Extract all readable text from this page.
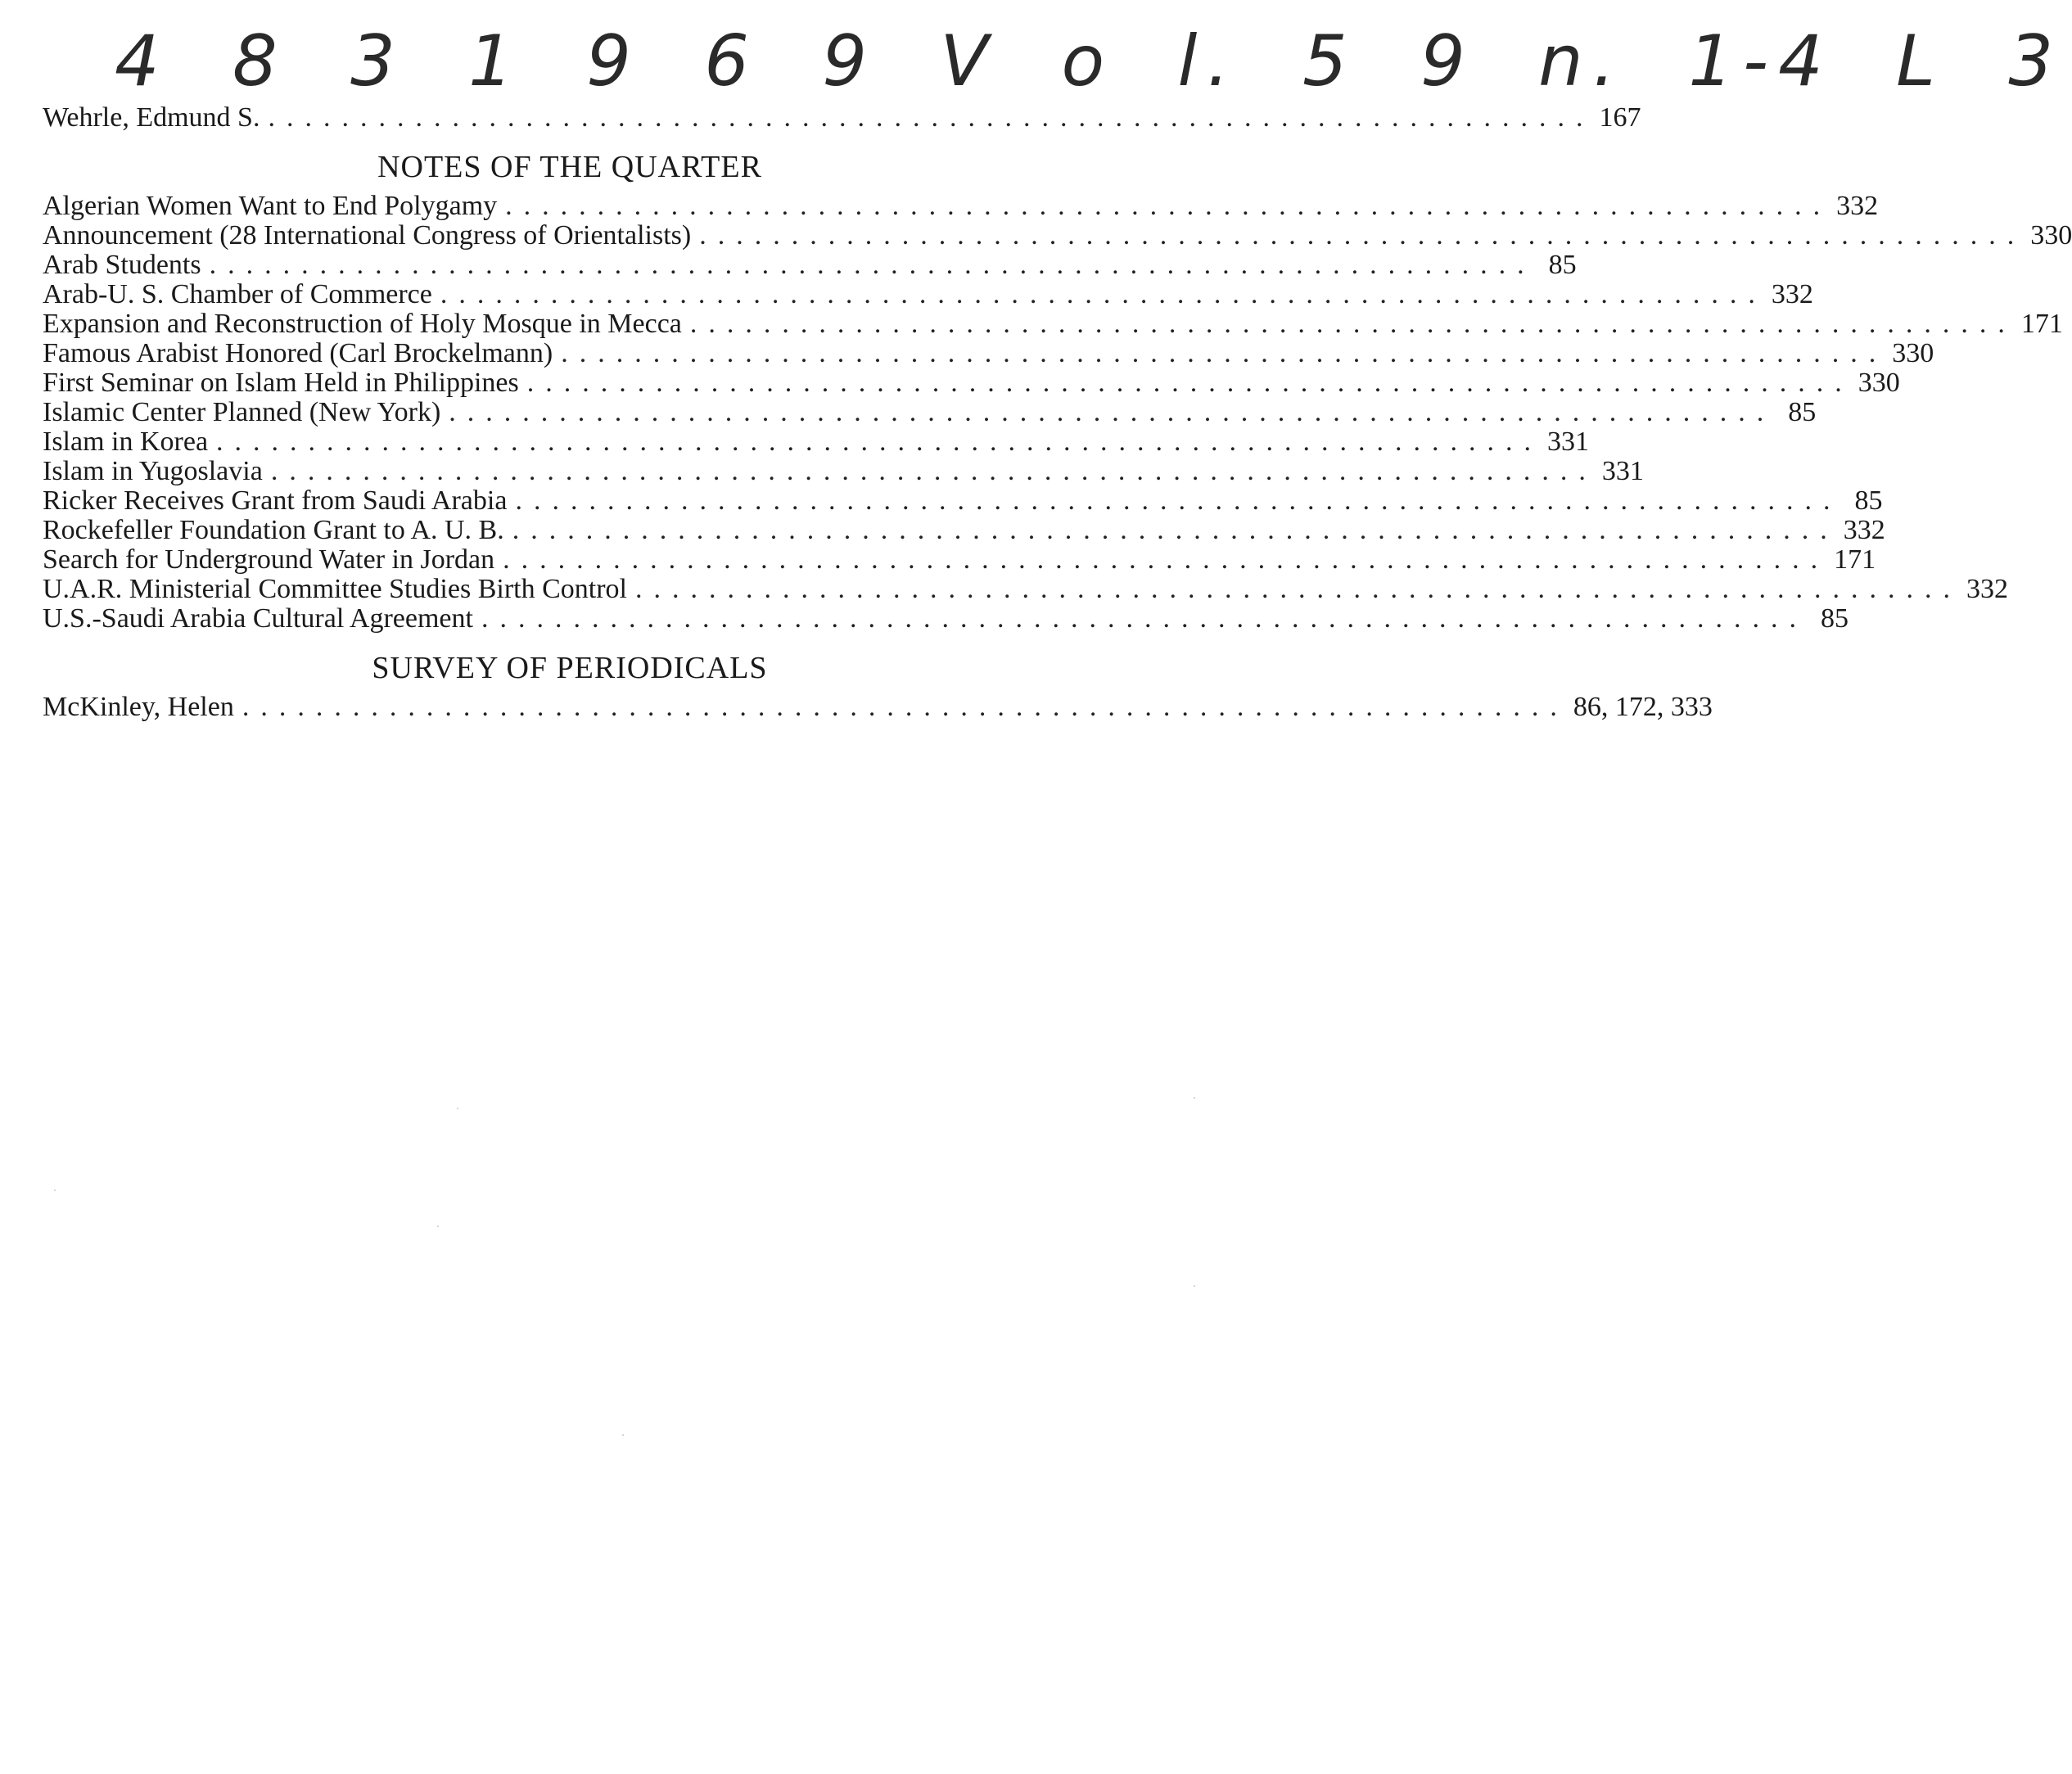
4 8 3 1 9 6 9 V o l. 5 9 n. 1-4 L 3
Wehrle, Edmund S. ........................................................................ 167
NOTES OF THE QUARTER
Algerian Women Want to End Polygamy ........................................................................ 332
Announcement (28 International Congress of Orientalists) ........................................................................ 330
Arab Students ........................................................................ 85
Arab-U. S. Chamber of Commerce ........................................................................ 332
Expansion and Reconstruction of Holy Mosque in Mecca ........................................................................ 171
Famous Arabist Honored (Carl Brockelmann) ........................................................................ 330
First Seminar on Islam Held in Philippines ........................................................................ 330
Islamic Center Planned (New York) ........................................................................ 85
Islam in Korea ........................................................................ 331
Islam in Yugoslavia ........................................................................ 331
Ricker Receives Grant from Saudi Arabia ........................................................................ 85
Rockefeller Foundation Grant to A. U. B. ........................................................................ 332
Search for Underground Water in Jordan ........................................................................ 171
U.A.R. Ministerial Committee Studies Birth Control ........................................................................ 332
U.S.-Saudi Arabia Cultural Agreement ........................................................................ 85
SURVEY OF PERIODICALS
McKinley, Helen ........................................................................ 86, 172, 333
